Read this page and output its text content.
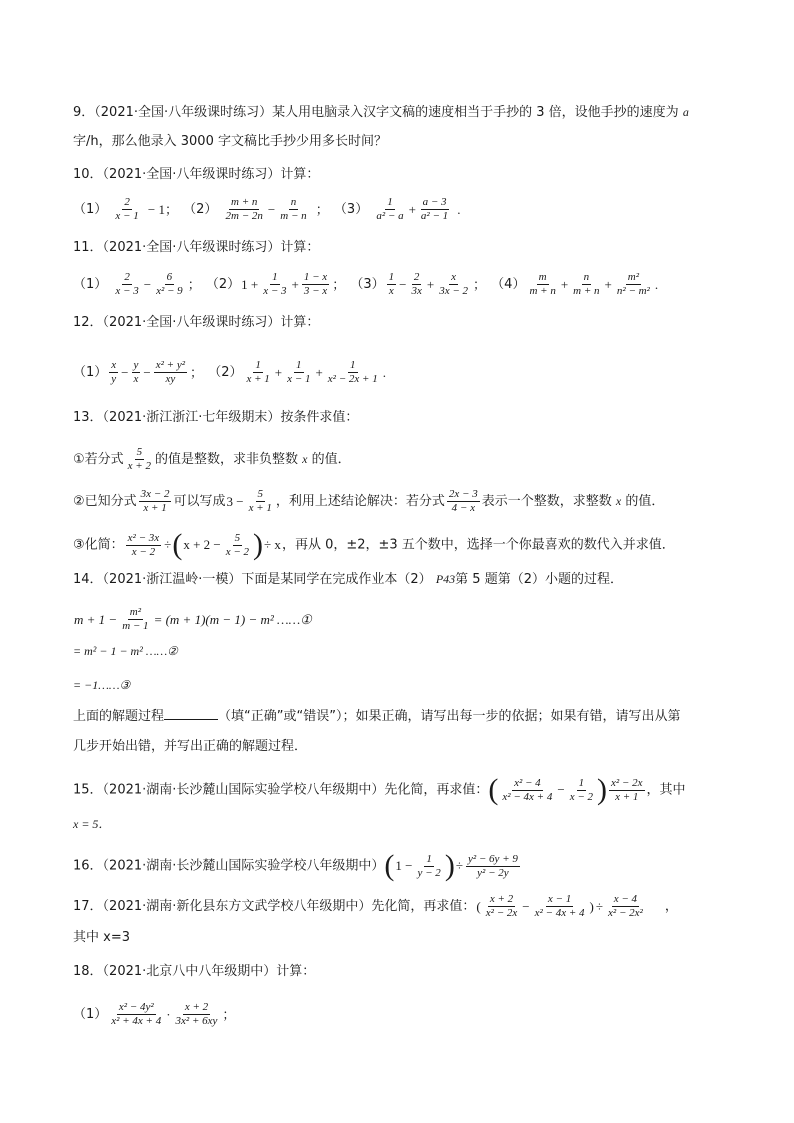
9．（2021·全国·八年级课时练习）某人用电脑录入汉字文稿的速度相当于手抄的 3 倍，设他手抄的速度为 a
字/h，那么他录入 3000 字文稿比手抄少用多长时间？
10．（2021·全国·八年级课时练习）计算：
$(1) \frac{2}{x - 1} - 1$； $(2) \frac{m + n}{2m - 2n} - \frac{n}{m - n}$ ； $(3) \frac{1}{\text{a² − a}} + \frac{a - 3}{\text{a² − 1}}$ .
11．（2021·全国·八年级课时练习）计算：
$(1) \frac{2}{x - 3} - \frac{6}{\text{x² − 9}}$ ； $(2)1 + \frac{1}{x - 3} + \frac{1 - x}{3 - x}$ ； $(3) \frac{1}{x} - \frac{2}{3x} + \frac{x}{3x - 2}$ ； $(4) \frac{m}{m + n} + \frac{n}{m + n} + \frac{\text{m²}}{\text{n² − m²}}$ .
12．（2021·全国·八年级课时练习）计算：
$(1) \frac{x}{y} - \frac{y}{x} - \frac{\text{x² + y²}}{xy}$ ； $(2) \frac{1}{x + 1} + \frac{1}{x - 1} + \frac{1}{\text{x² − 2x + 1}}$ .
13．（2021·浙江浙江·七年级期末）按条件求值：
①若分式 $\frac{5}{x + 2}$ 的值是整数，求非负整数 x 的值．
②已知分式 $\frac{3x - 2}{x + 1}$ 可以写成$3 - \frac{5}{x + 1}$ ，利用上述结论解决：若分式 $\frac{2x - 3}{4 - x}$ 表示一个整数，求整数 x 的值．
③化简： $\frac{\text{x² − 3x}}{x - 2} \div(x + 2 - \frac{5}{x - 2}$ )÷ x，再从 0，±2，±3 五个数中，选择一个你最喜欢的数代入并求值．
14．（2021·浙江温岭·一模）下面是某同学在完成作业本（2） P43第 5 题第（2）小题的过程．
$m + 1 - \frac{\text{m²}}{m - 1} = (m + 1)(m - 1) - m^2$ ……①
= m² − 1 − m² ……②
= −1……③
上面的解题过程	（填“正确”或“错误”）；如果正确，请写出每一步的依据；如果有错，请写出从第
几步开始出错，并写出正确的解题过程．
15．（2021·湖南·长沙麓山国际实验学校八年级期中）先化简，再求值：( $\frac{\text{x² − 4}}{\text{x² − 4x + 4}} - \frac{1}{x - 2}$ ) $\frac{\text{x² − 2x}}{x + 1}$ ，其中
x = 5．
16．（2021·湖南·长沙麓山国际实验学校八年级期中）($1 - \frac{1}{y - 2}$ )÷ $\frac{\text{y² − 6y + 9}}{\text{y² − 2y}}$
17．（2021·湖南·新化县东方文武学校八年级期中）先化简，再求值：( $\frac{x + 2}{\text{x² − 2x}} - \frac{x - 1}{\text{x² − 4x + 4}}$ ) ÷ $\frac{x - 4}{\text{x² − 2x²}}$ ，
其中 x=3
18．（2021·北京八中八年级期中）计算：
$(1) \frac{\text{x² − 4y²}}{\text{x² + 4x + 4}} \cdot \frac{x + 2}{\text{3x² + 6xy}}$ ；
